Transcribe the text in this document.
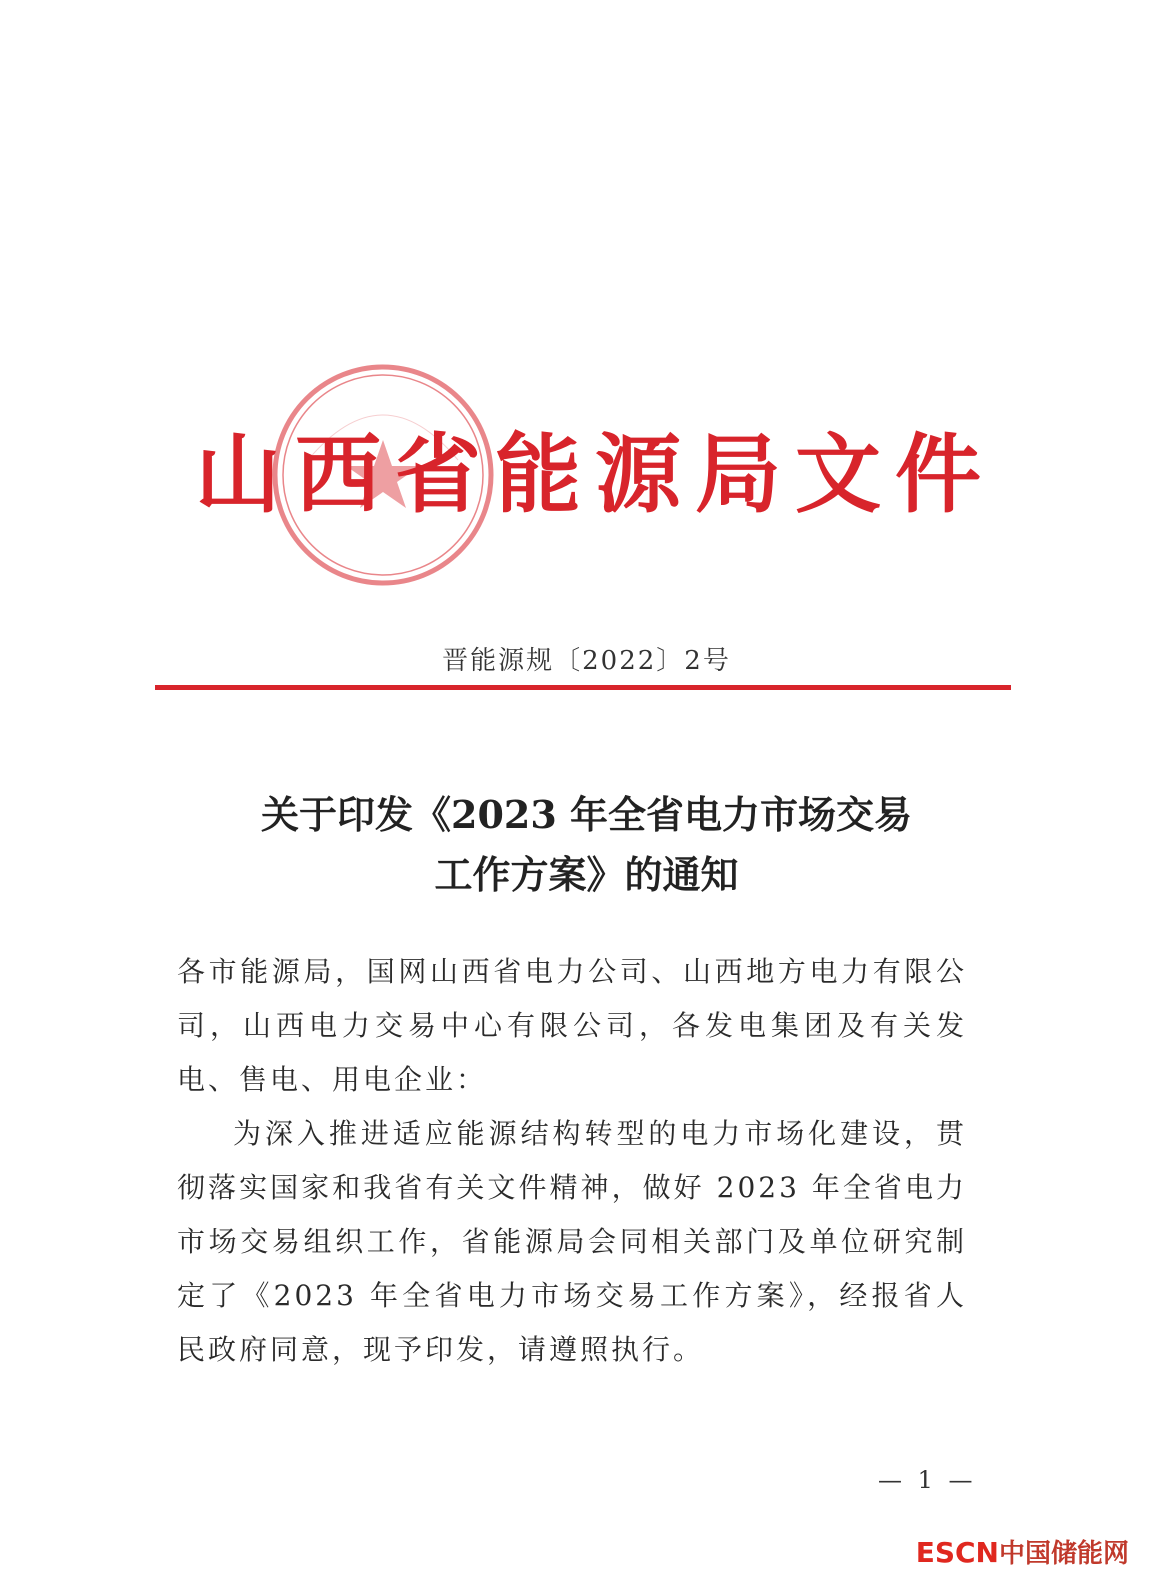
山西省能源局文件
晋能源规〔2022〕2号
关于印发《2023 年全省电力市场交易
工作方案》的通知

各市能源局，国网山西省电力公司、山西地方电力有限公司，山西电力交易中心有限公司，各发电集团及有关发电、售电、用电企业：

为深入推进适应能源结构转型的电力市场化建设，贯彻落实国家和我省有关文件精神，做好 2023 年全省电力市场交易组织工作，省能源局会同相关部门及单位研究制定了《2023 年全省电力市场交易工作方案》，经报省人民政府同意，现予印发，请遵照执行。

— 1 —
ESCN中国储能网
